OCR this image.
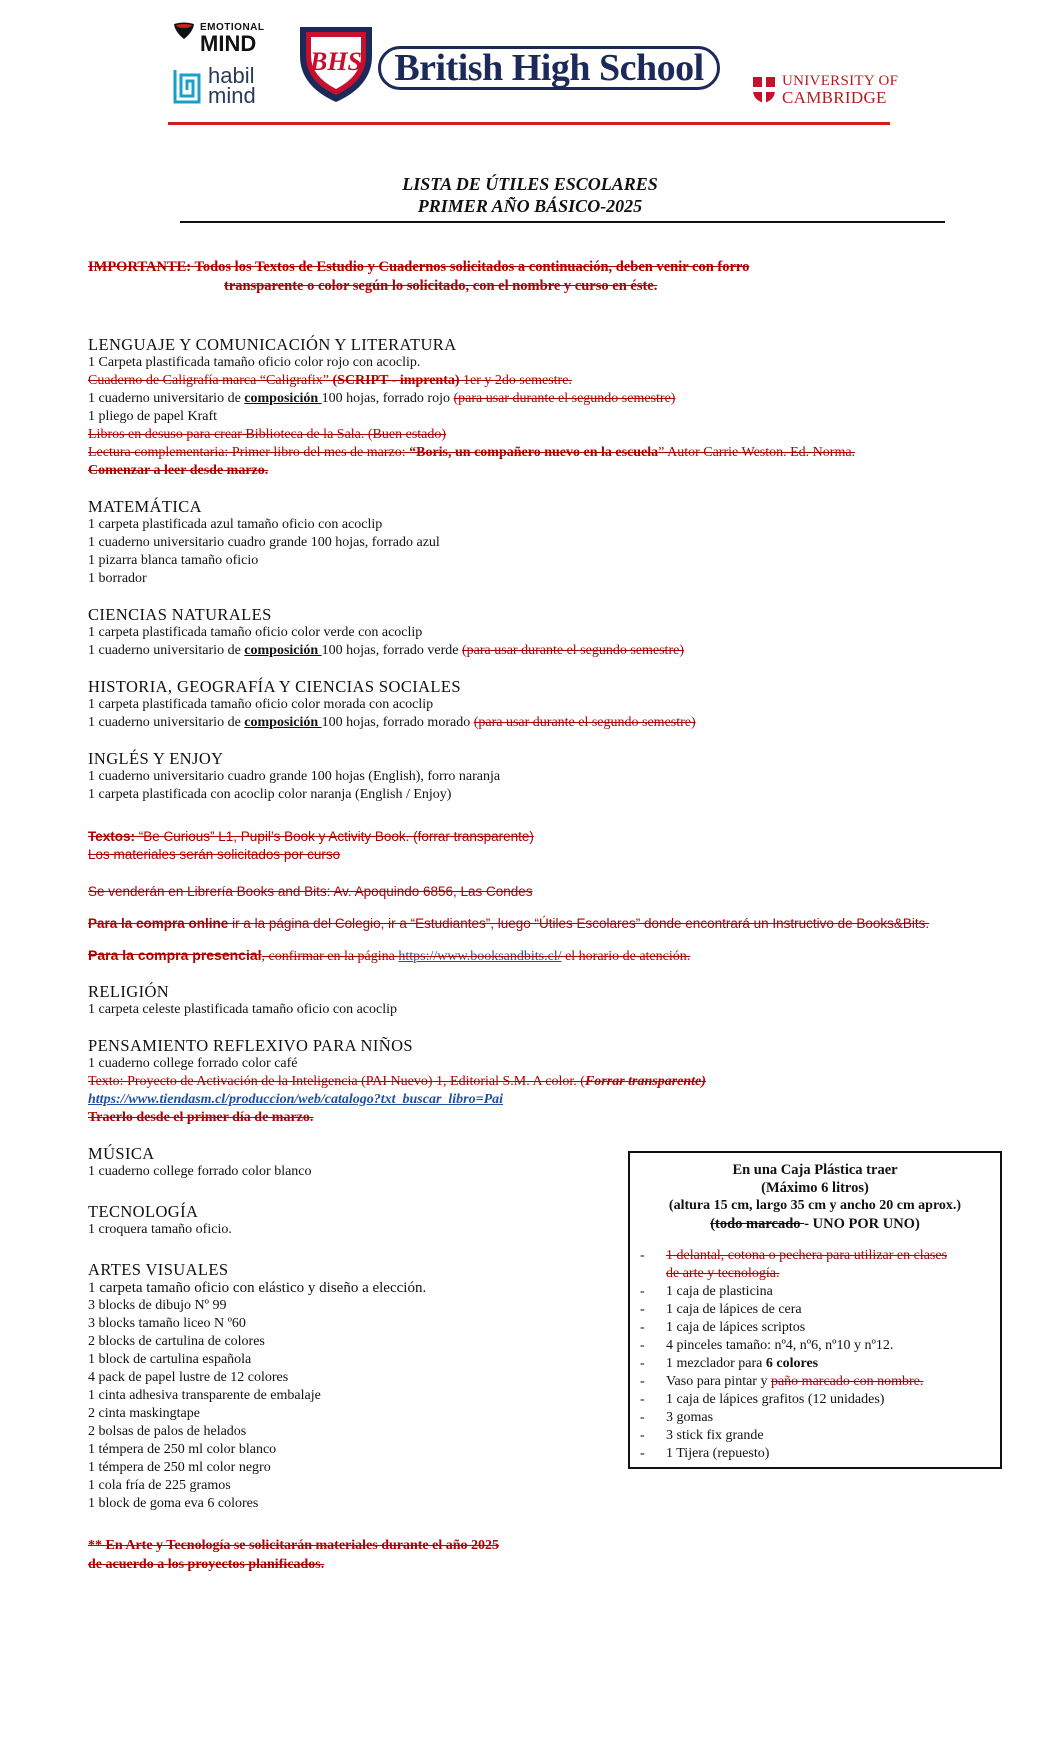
EMOTIONAL
MIND
habil
mind
BHS British High School	UNIVERSITY OF
CAMBRIDGE
LISTA DE ÚTILES ESCOLARES
PRIMER AÑO BÁSICO-2025
IMPORTANTE: Todos los Textos de Estudio y Cuadernos solicitados a continuación, deben venir con forro
transparente o color según lo solicitado, con el nombre y curso en éste.
LENGUAJE Y COMUNICACIÓN Y LITERATURA
1 Carpeta plastificada tamaño oficio color rojo con acoclip.
Cuaderno de Caligrafía marca “Caligrafix” (SCRIPT - imprenta) 1er y 2do semestre.
1 cuaderno universitario de composición 100 hojas, forrado rojo (para usar durante el segundo semestre)
1 pliego de papel Kraft
Libros en desuso para crear Biblioteca de la Sala. (Buen estado)
Lectura complementaria: Primer libro del mes de marzo: “Boris, un compañero nuevo en la escuela” Autor Carrie Weston. Ed. Norma.
Comenzar a leer desde marzo.
MATEMÁTICA
1 carpeta plastificada azul tamaño oficio con acoclip
1 cuaderno universitario cuadro grande 100 hojas, forrado azul
1 pizarra blanca tamaño oficio
1 borrador
CIENCIAS NATURALES
1 carpeta plastificada tamaño oficio color verde con acoclip
1 cuaderno universitario de composición 100 hojas, forrado verde (para usar durante el segundo semestre)
HISTORIA, GEOGRAFÍA Y CIENCIAS SOCIALES
1 carpeta plastificada tamaño oficio color morada con acoclip
1 cuaderno universitario de composición 100 hojas, forrado morado (para usar durante el segundo semestre)
INGLÉS Y ENJOY
1 cuaderno universitario cuadro grande 100 hojas (English), forro naranja
1 carpeta plastificada con acoclip color naranja (English / Enjoy)
Textos: “Be Curious” L1, Pupil’s Book y Activity Book. (forrar transparente)
Los materiales serán solicitados por curso
Se venderán en Librería Books and Bits: Av. Apoquindo 6856, Las Condes
Para la compra online ir a la página del Colegio, ir a “Estudiantes”, luego “Útiles Escolares” donde encontrará un Instructivo de Books&Bits.
Para la compra presencial, confirmar en la página https://www.booksandbits.cl/ el horario de atención.
RELIGIÓN
1 carpeta celeste plastificada tamaño oficio con acoclip
PENSAMIENTO REFLEXIVO PARA NIÑOS
1 cuaderno college forrado color café
Texto: Proyecto de Activación de la Inteligencia (PAI Nuevo) 1, Editorial S.M. A color. (Forrar transparente)
https://www.tiendasm.cl/produccion/web/catalogo?txt_buscar_libro=Pai
Traerlo desde el primer día de marzo.
MÚSICA
1 cuaderno college forrado color blanco
TECNOLOGÍA
1 croquera tamaño oficio.
ARTES VISUALES
1 carpeta tamaño oficio con elástico y diseño a elección.
3 blocks de dibujo Nº 99
3 blocks tamaño liceo N º60
2 blocks de cartulina de colores
1 block de cartulina española
4 pack de papel lustre de 12 colores
1 cinta adhesiva transparente de embalaje
2 cinta maskingtape
2 bolsas de palos de helados
1 témpera de 250 ml color blanco
1 témpera de 250 ml color negro
1 cola fría de 225 gramos
1 block de goma eva 6 colores
** En Arte y Tecnología se solicitarán materiales durante el año 2025
de acuerdo a los proyectos planificados.
En una Caja Plástica traer
(Máximo 6 litros)
(altura 15 cm, largo 35 cm y ancho 20 cm aprox.)
(todo marcado - UNO POR UNO)
-	1 delantal, cotona o pechera para utilizar en clases
de arte y tecnología.
-	1 caja de plasticina
-	1 caja de lápices de cera
-	1 caja de lápices scriptos
-	4 pinceles tamaño: nº4, nº6, nº10 y nº12.
-	1 mezclador para 6 colores
-	Vaso para pintar y paño marcado con nombre.
-	1 caja de lápices grafitos (12 unidades)
-	3 gomas
-	3 stick fix grande
-	1 Tijera (repuesto)
